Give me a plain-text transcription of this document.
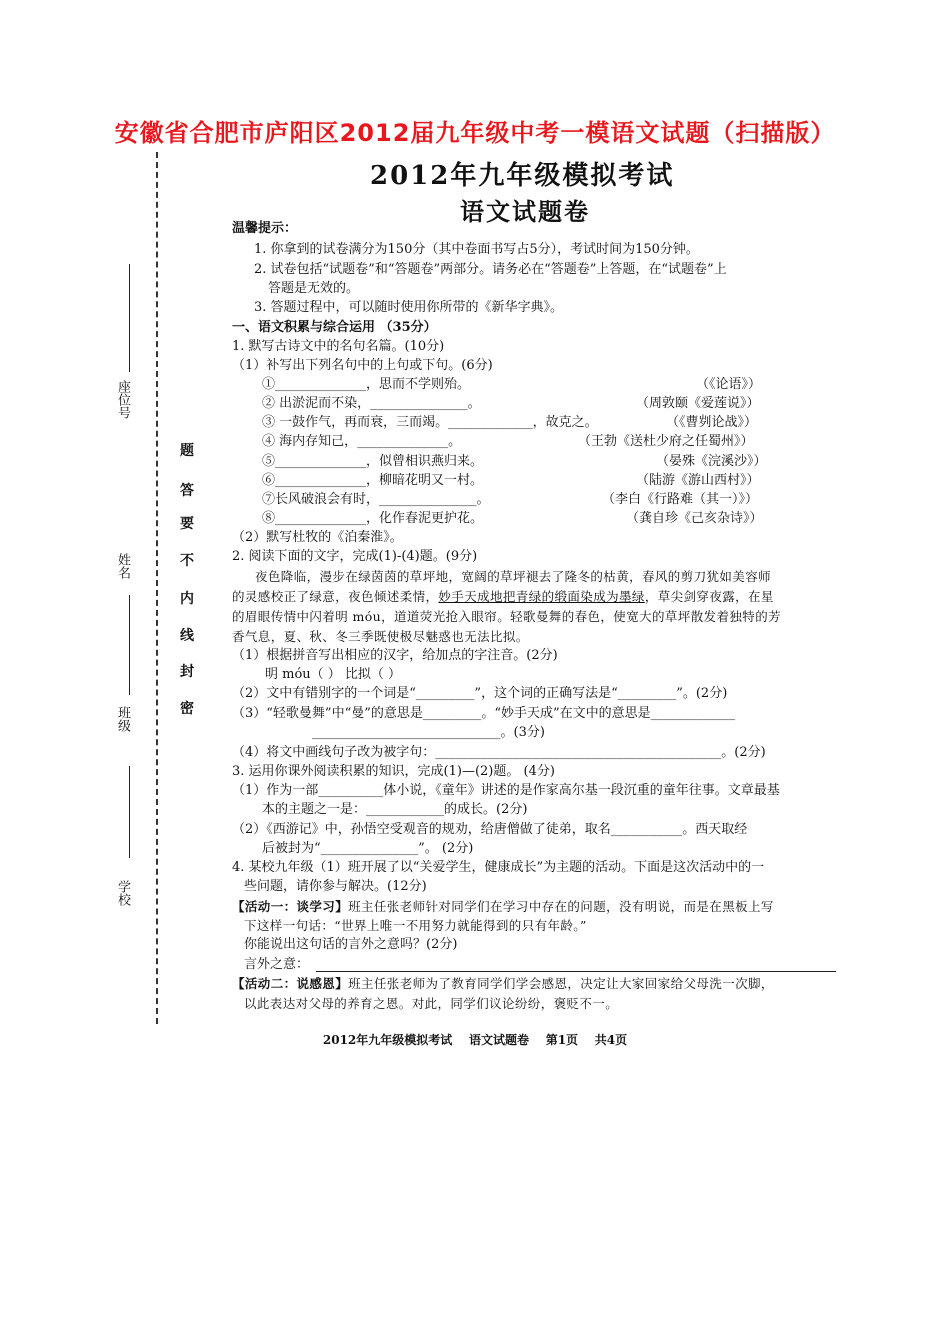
安徽省合肥市庐阳区2012届九年级中考一模语文试题（扫描版）
座位号
姓名
班级
学校
题
答
要
不
内
线
封
密
2012年九年级模拟考试
语文试题卷
温馨提示：
1. 你拿到的试卷满分为150分（其中卷面书写占5分），考试时间为150分钟。
2. 试卷包括“试题卷”和“答题卷”两部分。请务必在“答题卷”上答题，在“试题卷”上
答题是无效的。
3. 答题过程中，可以随时使用你所带的《新华字典》。
一、语文积累与综合运用 （35分）
1. 默写古诗文中的名句名篇。(10分)
（1）补写出下列名句中的上句或下句。(6分)
①______________，思而不学则殆。	（《论语》）
② 出淤泥而不染，_______________。	（周敦颐《爱莲说》）
③ 一鼓作气，再而衰，三而竭。_____________，故克之。	（《曹刿论战》）
④ 海内存知己，______________。	（王勃《送杜少府之任蜀州》）
⑤______________，似曾相识燕归来。	（晏殊《浣溪沙》）
⑥______________，柳暗花明又一村。	（陆游《游山西村》）
⑦长风破浪会有时，_______________。	（李白《行路难（其一）》）
⑧______________，化作春泥更护花。	（龚自珍《己亥杂诗》）
（2）默写杜牧的《泊秦淮》。
2. 阅读下面的文字，完成(1)-(4)题。(9分)
夜色降临，漫步在绿茵茵的草坪地，宽阔的草坪褪去了隆冬的枯黄，春风的剪刀犹如美容师
的灵感校正了绿意，夜色倾述柔情，妙手天成地把青绿的缎面染成为墨绿，草尖剑穿夜露，在星
的眉眼传情中闪着明 móu，道道荧光抢入眼帘。轻歌曼舞的春色，使宽大的草坪散发着独特的芳
香气息，夏、秋、冬三季既使极尽魅惑也无法比拟。
（1）根据拼音写出相应的汉字，给加点的字注音。(2分)
明 móu（ ） 比拟（ ）
（2）文中有错别字的一个词是“_________”，这个词的正确写法是“_________”。(2分)
（3）“轻歌曼舞”中“曼”的意思是_________。“妙手天成”在文中的意思是_____________
_____________________________。(3分)
（4）将文中画线句子改为被字句：____________________________________________。(2分)
3. 运用你课外阅读积累的知识，完成(1)—(2)题。 (4分)
（1）作为一部__________体小说，《童年》讲述的是作家高尔基一段沉重的童年往事。文章最基
本的主题之一是：____________的成长。(2分)
（2）《西游记》中，孙悟空受观音的规劝，给唐僧做了徒弟，取名___________。西天取经
后被封为“_______________”。 (2分)
4. 某校九年级（1）班开展了以“关爱学生，健康成长”为主题的活动。下面是这次活动中的一
些问题，请你参与解决。(12分)
【活动一：谈学习】班主任张老师针对同学们在学习中存在的问题，没有明说，而是在黑板上写
下这样一句话：“世界上唯一不用努力就能得到的只有年龄。”
你能说出这句话的言外之意吗？(2分)
言外之意：
【活动二：说感恩】班主任张老师为了教育同学们学会感恩，决定让大家回家给父母洗一次脚，
以此表达对父母的养育之恩。对此，同学们议论纷纷，褒贬不一。
2012年九年级模拟考试    语文试题卷    第1页    共4页
